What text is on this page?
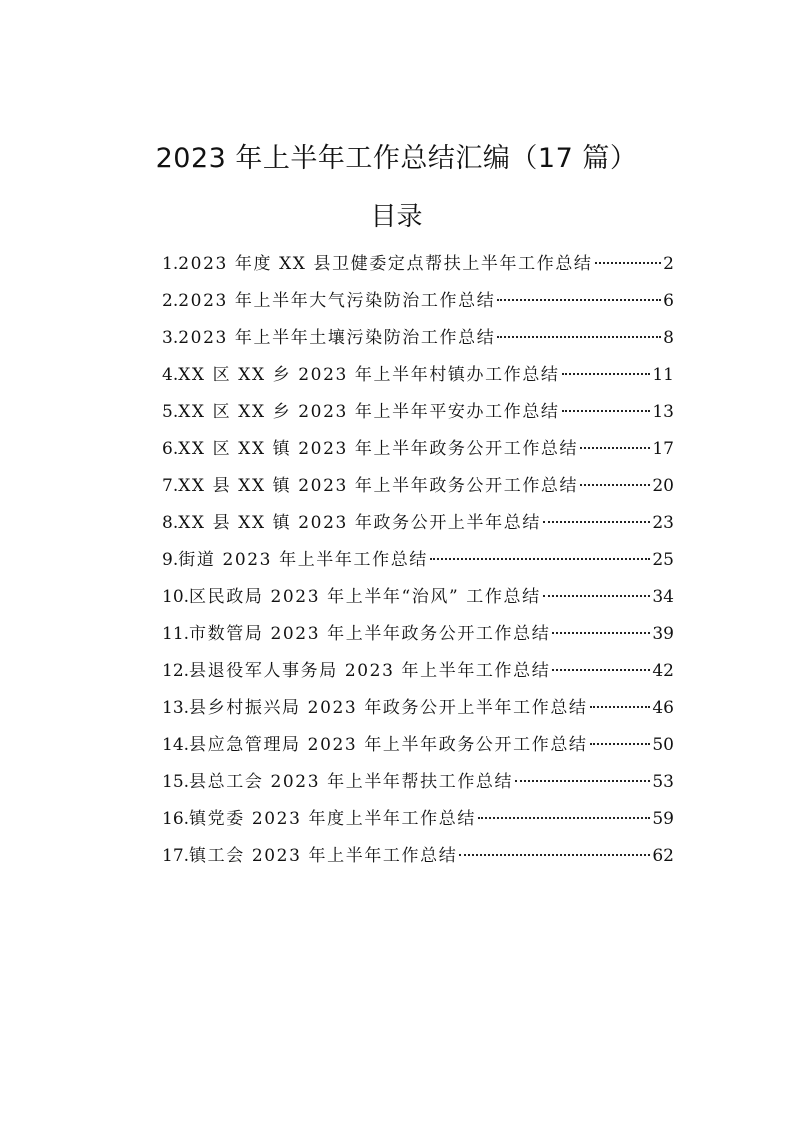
2023 年上半年工作总结汇编（17 篇）
目录
1. 2023 年度 XX 县卫健委定点帮扶上半年工作总结	2
2. 2023 年上半年大气污染防治工作总结	6
3. 2023 年上半年土壤污染防治工作总结	8
4. XX 区 XX 乡 2023 年上半年村镇办工作总结	11
5. XX 区 XX 乡 2023 年上半年平安办工作总结	13
6. XX 区 XX 镇 2023 年上半年政务公开工作总结	17
7. XX 县 XX 镇 2023 年上半年政务公开工作总结	20
8. XX 县 XX 镇 2023 年政务公开上半年总结	23
9. 街道 2023 年上半年工作总结	25
10. 区民政局 2023 年上半年“治风” 工作总结	34
11. 市数管局 2023 年上半年政务公开工作总结	39
12. 县退役军人事务局 2023 年上半年工作总结	42
13. 县乡村振兴局 2023 年政务公开上半年工作总结	46
14. 县应急管理局 2023 年上半年政务公开工作总结	50
15. 县总工会 2023 年上半年帮扶工作总结	53
16. 镇党委 2023 年度上半年工作总结	59
17. 镇工会 2023 年上半年工作总结	62
